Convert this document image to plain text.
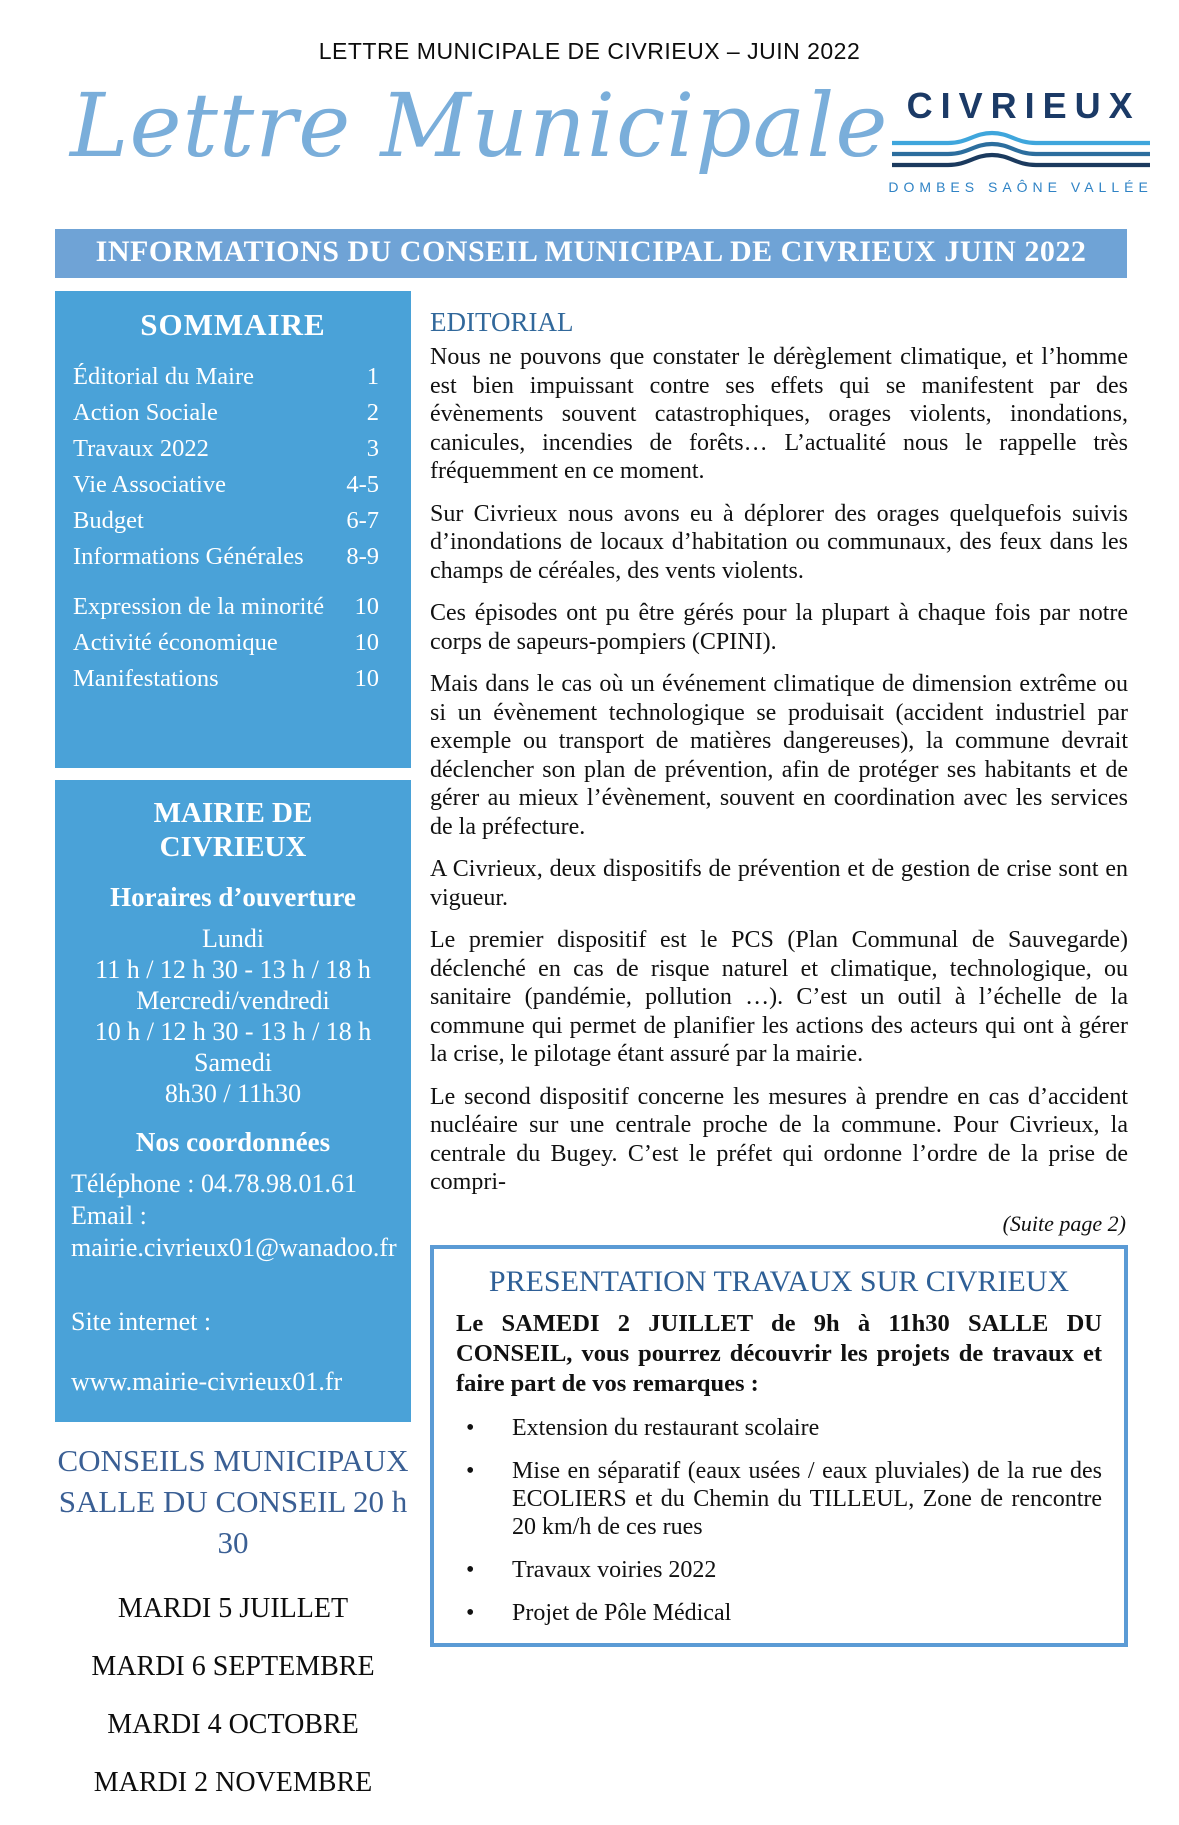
LETTRE MUNICIPALE DE CIVRIEUX – JUIN 2022
Lettre Municipale CIVRIEUX
DOMBES SAÔNE VALLÉE
INFORMATIONS DU CONSEIL MUNICIPAL DE CIVRIEUX JUIN 2022
SOMMAIRE
Éditorial du Maire	1
Action Sociale	2
Travaux 2022	3
Vie Associative	4-5
Budget	6-7
Informations Générales 8-9
Expression de la minorité 10
Activité économique	10
Manifestations	10
MAIRIE DE
CIVRIEUX
Horaires d’ouverture
Lundi
11 h / 12 h 30 - 13 h / 18 h
Mercredi/vendredi
10 h / 12 h 30 - 13 h / 18 h
Samedi
8h30 / 11h30
Nos coordonnées
Téléphone : 04.78.98.01.61
Email :
mairie.civrieux01@wanadoo.fr
Site internet :
www.mairie-civrieux01.fr
CONSEILS MUNICIPAUX
SALLE DU CONSEIL 20 h 30
MARDI 5 JUILLET
MARDI 6 SEPTEMBRE
MARDI 4 OCTOBRE
MARDI 2 NOVEMBRE
EDITORIAL

Nous ne pouvons que constater le dérèglement climatique, et l’homme est bien impuissant contre ses effets qui se manifestent par des évènements souvent catastrophiques, orages violents, inondations, canicules, incendies de forêts… L’actualité nous le rappelle très fréquemment en ce moment.

Sur Civrieux nous avons eu à déplorer des orages quelquefois suivis d’inondations de locaux d’habitation ou communaux, des feux dans les champs de céréales, des vents violents.

Ces épisodes ont pu être gérés pour la plupart à chaque fois par notre corps de sapeurs-pompiers (CPINI).

Mais dans le cas où un événement climatique de dimension extrême ou si un évènement technologique se produisait (accident industriel par exemple ou transport de matières dangereuses), la commune devrait déclencher son plan de prévention, afin de protéger ses habitants et de gérer au mieux l’évènement, souvent en coordination avec les services de la préfecture.

A Civrieux, deux dispositifs de prévention et de gestion de crise sont en vigueur.

Le premier dispositif est le PCS (Plan Communal de Sauvegarde) déclenché en cas de risque naturel et climatique, technologique, ou sanitaire (pandémie, pollution …). C’est un outil à l’échelle de la commune qui permet de planifier les actions des acteurs qui ont à gérer la crise, le pilotage étant assuré par la mairie.

Le second dispositif concerne les mesures à prendre en cas d’accident nucléaire sur une centrale proche de la commune. Pour Civrieux, la centrale du Bugey. C’est le préfet qui ordonne l’ordre de la prise de compri-

(Suite page 2)
PRESENTATION TRAVAUX SUR CIVRIEUX

Le SAMEDI 2 JUILLET de 9h à 11h30 SALLE DU CONSEIL, vous pourrez découvrir les projets de travaux et faire part de vos remarques :

•	Extension du restaurant scolaire
•	Mise en séparatif (eaux usées / eaux pluviales) de la rue des ECOLIERS et du Chemin du TILLEUL, Zone de rencontre 20 km/h de ces rues
•	Travaux voiries 2022
•	Projet de Pôle Médical
